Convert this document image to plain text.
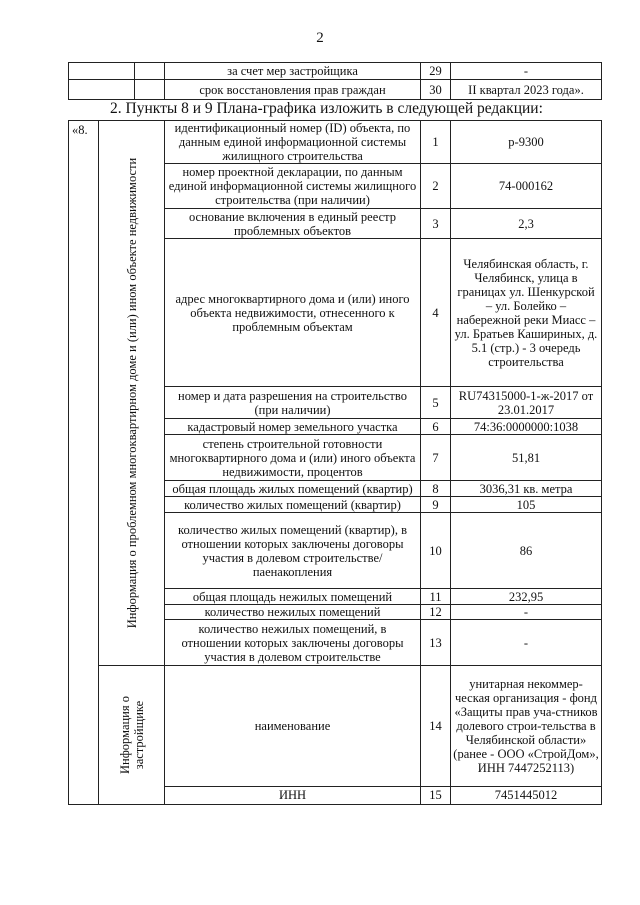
2
		за счет мер застройщика	29	-
		срок восстановления прав граждан	30	II квартал 2023 года».
2. Пункты 8 и 9 Плана-графика изложить в следующей редакции:
«8.	Информация о проблемном многоквартирном доме и (или) ином объекте недвижимости	идентификационный номер (ID) объекта, по данным единой информационной системы жилищного строительства	1	р-9300
		номер проектной декларации, по данным единой информационной системы жилищного строительства (при наличии)	2	74-000162
		основание включения в единый реестр проблемных объектов	3	2,3
		адрес многоквартирного дома и (или) иного объекта недвижимости, отнесенного к проблемным объектам	4	Челябинская область, г. Челябинск, улица в границах ул. Шенкурской – ул. Болейко – набережной реки Миасс – ул. Братьев Кашириных, д. 5.1 (стр.) - 3 очередь строительства
		номер и дата разрешения на строительство (при наличии)	5	RU74315000-1-ж-2017 от 23.01.2017
		кадастровый номер земельного участка	6	74:36:0000000:1038
		степень строительной готовности многоквартирного дома и (или) иного объекта недвижимости, процентов	7	51,81
		общая площадь жилых помещений (квартир)	8	3036,31 кв. метра
		количество жилых помещений (квартир)	9	105
		количество жилых помещений (квартир), в отношении которых заключены договоры участия в долевом строительстве/паенакопления	10	86
		общая площадь нежилых помещений	11	232,95
		количество нежилых помещений	12	-
		количество нежилых помещений, в отношении которых заключены договоры участия в долевом строительстве	13	-

	Информация о застройщике	наименование	14	унитарная некоммер-ческая организация - фонд «Защиты прав уча-стников долевого строи-тельства в Челябинской области» (ранее - ООО «СтройДом», ИНН 7447252113)
		ИНН	15	7451445012
